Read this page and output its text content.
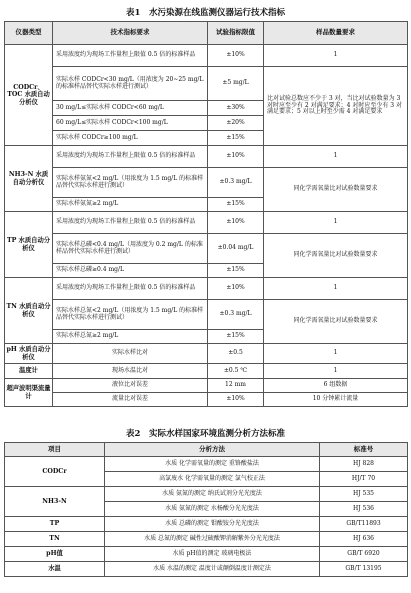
表1　水污染源在线监测仪器运行技术指标
仪器类型	技术指标要求	试验指标限值	样品数量要求
CODCr、TOC 水质自动分析仪	采用浓度约为现场工作量程上限值 0.5 倍的标准样品	±10%	1
	实际水样 CODCr<30 mg/L（用浓度为 20~25 mg/L 的标准样品替代实际水样进行测试）	±5 mg/L	比对试验总数应不少于 3 对，当比对试验数量为 3 对时应至少有 2 对满足要求；4 对时应至少有 3 对满足要求；5 对以上时至少需 4 对满足要求
	30 mg/L≤实际水样 CODCr<60 mg/L	±30%	
	60 mg/L≤实际水样 CODCr<100 mg/L	±20%	
	实际水样 CODCr≥100 mg/L	±15%	
NH3-N 水质自动分析仪	采用浓度约为现场工作量程上限值 0.5 倍的标准样品	±10%	1
	实际水样氨氮<2 mg/L（用浓度为 1.5 mg/L 的标准样品替代实际水样进行测试）	±0.3 mg/L	同化学需氧量比对试验数量要求
	实际水样氨氮≥2 mg/L	±15%	
TP 水质自动分析仪	采用浓度约为现场工作量程上限值 0.5 倍的标准样品	±10%	1
	实际水样总磷<0.4 mg/L（用浓度为 0.2 mg/L 的标准样品替代实际水样进行测试）	±0.04 mg/L	同化学需氧量比对试验数量要求
	实际水样总磷≥0.4 mg/L	±15%	
TN 水质自动分析仪	采用浓度约为现场工作量程上限值 0.5 倍的标准样品	±10%	1
	实际水样总氮<2 mg/L（用浓度为 1.5 mg/L 的标准样品替代实际水样进行测试）	±0.3 mg/L	同化学需氧量比对试验数量要求
	实际水样总氮≥2 mg/L	±15%	
pH 水质自动分析仪	实际水样比对	±0.5	1
温度计	现场水温比对	±0.5 ℃	1
超声波明渠流量计	液位比对误差	12 mm	6 组数据
	流量比对误差	±10%	10 分钟累计流量
表2　实际水样国家环境监测分析方法标准
项目	分析方法	标准号
CODCr	水质 化学需氧量的测定 重铬酸盐法	HJ 828
	高氯废水 化学需氧量的测定 氯气校正法	HJ/T 70
NH3-N	水质 氨氮的测定 纳氏试剂分光光度法	HJ 535
	水质 氨氮的测定 水杨酸分光光度法	HJ 536
TP	水质 总磷的测定 钼酸铵分光光度法	GB/T11893
TN	水质 总氮的测定 碱性过硫酸钾消解紫外分光光度法	HJ 636
pH值	水质 pH值的测定 玻璃电极法	GB/T 6920
水温	水质 水温的测定 温度计或颠倒温度计测定法	GB/T 13195
